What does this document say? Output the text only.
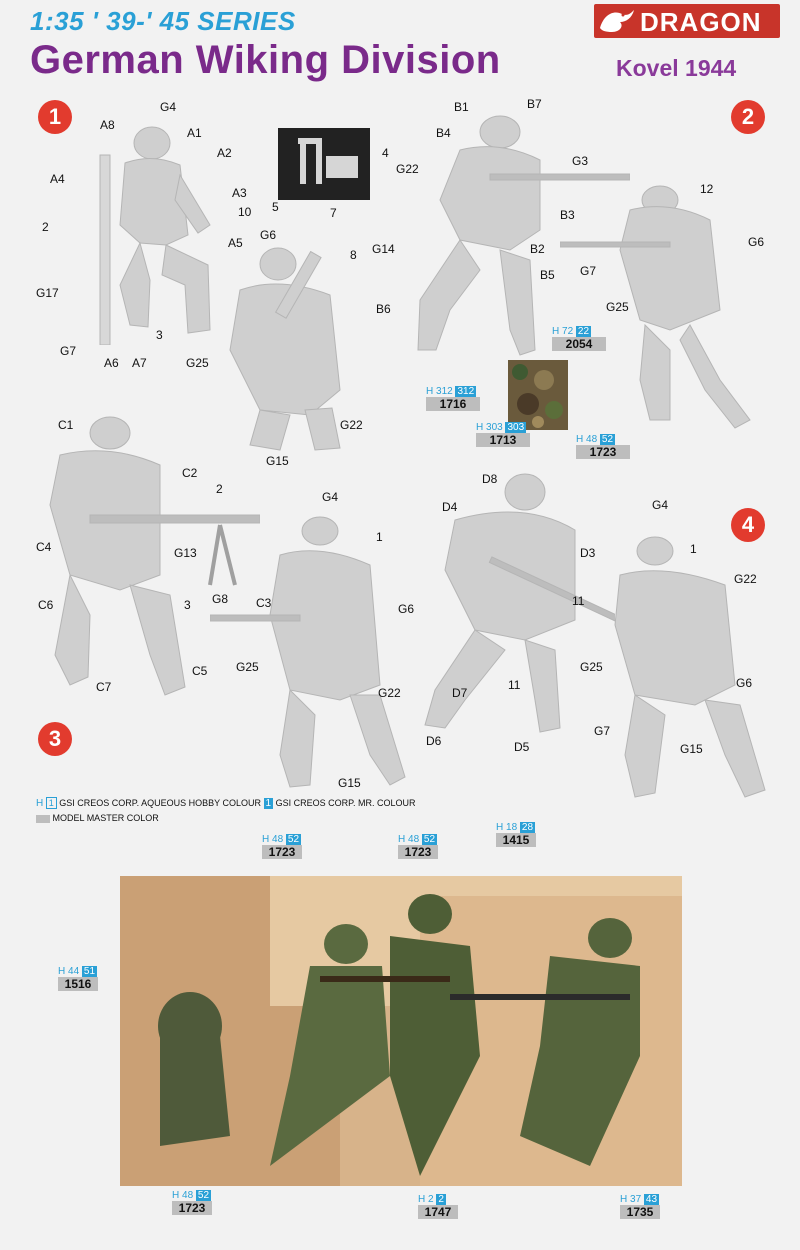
1:35 ' 39-' 45 SERIES
German Wiking Division	Kovel 1944
DRAGON
1	2
3
4
G4
A8
A1
A2
A4
A3
10
2
A5
G17
G7
A6 A7
3
4
5	7
G6
8
G25
G22
G15
B1	B7
B4
G3
G22
B3
G14	B2
B5
B6
12
G6
G7
G25
H 72 22
2054
H 312 312
1716
H 303 303
1713	H 48 52
1723
C1
C2
2
C4	G13
G8
3
C6
C7
C5
G4
1
C3	G6
G25
G22
G15
D8
D4
D3
11
D7
11
D6	D5
G4
1
G22
G25
G6
G7
G15
H 1 GSI CREOS CORP. AQUEOUS HOBBY COLOUR 1 GSI CREOS CORP. MR. COLOUR
MODEL MASTER COLOR
H 48 52
1723
H 48 52
1723
H 18 28
1415
H 44 51
1516
H 48 52
1723
H 2 2
1747
H 37 43
1735
